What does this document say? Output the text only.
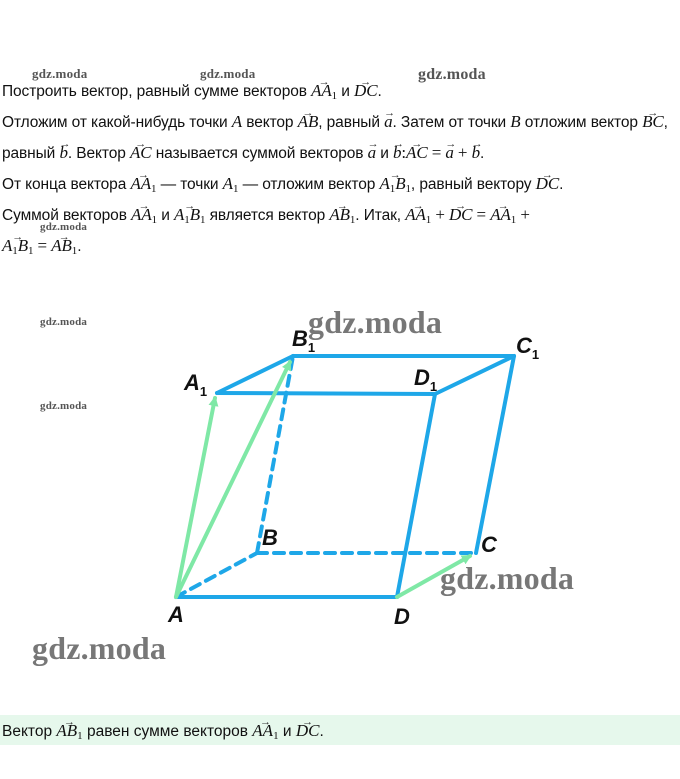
gdz.moda	gdz.moda	gdz.moda
gdz.moda
gdz.moda
gdz.moda

Построить вектор, равный сумме векторов → $AA_1$ и → DC.

Отложим от какой-нибудь точки A вектор → AB, равный → a. Затем от точки B отложим вектор → BC, равный → b. Вектор → AC называется суммой векторов → a и → b:→ AC = → a + → b.
От конца вектора → $AA_1$ — точки $A_1$ — отложим вектор → $A_1B_1$, равный вектору → DC.
Суммой векторов → $AA_1$ $и \to A_1B_1$ является вектор → $AB_1$. Итак, → $AA_1$ + → DC = → $AA_1$ +
→ $A_1B_1$ = → $AB_1$.

A
B	C
D
$A_1$
$B_1$	$C_1$
$D_1$
gdz.moda
gdz.moda
gdz.moda
Вектор → $AB_1$ равен сумме векторов → $AA_1$ и → DC.
